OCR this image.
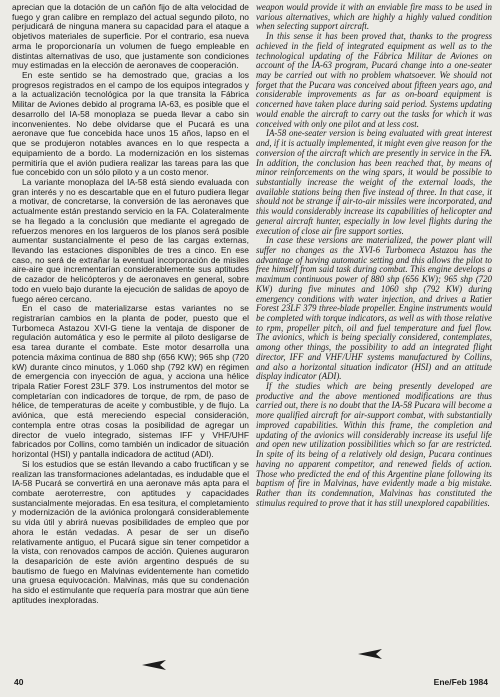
aprecian que la dotación de un cañón fijo de alta velocidad de fuego y gran calibre en remplazo del actual segundo piloto, no perjudicará de ninguna manera su capacidad para el ataque a objetivos materiales de superficie. Por el contrario, esa nueva arma le proporcionaría un volumen de fuego empleable en distintas alternativas de uso, que justamente son condiciones muy estimadas en la elección de aeronaves de cooperación.

En este sentido se ha demostrado que, gracias a los progresos registrados en el campo de los equipos integrados y a la actualización tecnológica por la que transita la Fábrica Militar de Aviones debido al programa IA-63, es posible que el desarrollo del IA-58 monoplaza se pueda llevar a cabo sin inconvenientes. No debe olvidarse que el Pucará es una aeronave que fue concebida hace unos 15 años, lapso en el que se produjeron notables avances en lo que respecta a equipamiento de a bordo. La modernización en los sistemas permitiría que el avión pudiera realizar las tareas para las que fue concebido con un sólo piloto y a un costo menor.

La variante monoplaza del IA-58 está siendo evaluada con gran interés y no es descartable que en el futuro pudiera llegar a motivar, de concretarse, la conversión de las aeronaves que actualmente están prestando servicio en la FA. Colateralmente se ha llegado a la conclusión que mediante el agregado de refuerzos menores en los largueros de los planos será posible aumentar sustancialmente el peso de las cargas externas, llevando las estaciones disponibles de tres a cinco. En ese caso, no será de extrañar la eventual incorporación de misiles aire-aire que incrementarían considerablemente sus aptitudes de cazador de helicópteros y de aeronaves en general, sobre todo en vuelo bajo durante la ejecución de salidas de apoyo de fuego aéreo cercano.

En el caso de materializarse estas variantes no se registrarían cambios en la planta de poder, puesto que el Turbomeca Astazou XVI-G tiene la ventaja de disponer de regulación automática y eso le permite al piloto desligarse de esa tarea durante el combate. Este motor desarrolla una potencia máxima continua de 880 shp (656 KW); 965 shp (720 kW) durante cinco minutos, y 1.060 shp (792 kW) en régimen de emergencia con inyección de agua, y acciona una hélice tripala Ratier Forest 23LF 379. Los instrumentos del motor se completarían con indicadores de torque, de rpm, de paso de hélice, de temperaturas de aceite y combustible, y de flujo. La aviónica, que está mereciendo especial consideración, contempla entre otras cosas la posibilidad de agregar un director de vuelo integrado, sistemas IFF y VHF/UHF fabricados por Collins, como también un indicador de situación horizontal (HSI) y pantalla indicadora de actitud (ADI).

Si los estudios que se están llevando a cabo fructifican y se realizan las transformaciones adelantadas, es indudable que el IA-58 Pucará se convertirá en una aeronave más apta para el combate aeroterrestre, con aptitudes y capacidades sustancialmente mejoradas. En esa tesitura, el completamiento y modernización de la aviónica prolongará considerablemente su vida útil y abrirá nuevas posibilidades de empleo que por ahora le están vedadas. A pesar de ser un diseño relativamente antiguo, el Pucará sigue sin tener competidor a la vista, con renovados campos de acción. Quienes auguraron la desaparición de este avión argentino después de su bautismo de fuego en Malvinas evidentemente han cometido una gruesa equivocación. Malvinas, más que su condenación ha sido el estimulante que requería para mostrar que aún tiene aptitudes inexploradas.

weapon would provide it with an enviable fire mass to be used in various alternatives, which are highly a highly valued condition when selecting support aircraft.

In this sense it has been proved that, thanks to the progress achieved in the field of integrated equipment as well as to the technological updating of the Fábrica Militar de Aviones on account of the IA-63 program, Pucará change into a one-seater may be carried out with no problem whatsoever. We should not forget that the Pucara was conceived about fifteen years ago, and considerable improvements as far as on-board equipment is concerned have taken place during said period. Systems updating would enable the aircraft to carry out the tasks for which it was conceived with only one pilot and at less cost.

IA-58 one-seater version is being evaluated with great interest and, if it is actually implemented, it might even give reason for the conversion of the aircraft which are presently in service in the FA. In addition, the conclusion has been reached that, by means of minor reinforcements on the wing spars, it would be possible to substantially increase the weight of the external loads, the available stations being then five instead of three. In that case, it should not be strange if air-to-air missiles were incorporated, and this would considerably increase its capabilities of helicopter and general aircraft hunter, especially in low level flights during the execution of close air fire support sorties.

In case these versions are materialized, the power plant will suffer no changes as the XVI-6 Turbomeca Astazou has the advantage of having automatic setting and this allows the pilot to free himself from said task during combat. This engine develops a maximum continuous power of 880 shp (656 KW); 965 shp (720 KW) during five minutes and 1060 shp (792 KW) during emergency conditions with water injection, and drives a Ratier Forest 23LF 379 three-blade propeller. Engine instruments would be completed with torque indicators, as well as with those relative to rpm, propeller pitch, oil and fuel temperature and fuel flow. The avionics, which is being specially considered, contemplates, among other things, the possibility to add an integrated flight director, IFF and VHF/UHF systems manufactured by Collins, and also a horizontal situation indicator (HSI) and an attitude display indicator (ADI).

If the studies which are being presently developed are productive and the above mentioned modifications are thus carried out, there is no doubt that the IA-58 Pucara will become a more qualified aircraft for air-support combat, with substantially improved capabilities. Within this frame, the completion and updating of the avionics will considerably increase its useful life and open new utilization possibilities which so far are restricted. In spite of its being of a relatively old design, Pucara continues having no apparent competitor, and renewed fields of action. Those who predicted the end of this Argentine plane following its baptism of fire in Malvinas, have evidently made a big mistake. Rather than its condemnation, Malvinas has constituted the stimulus required to prove that it has still unexplored capabilities.

40	Ene/Feb 1984
